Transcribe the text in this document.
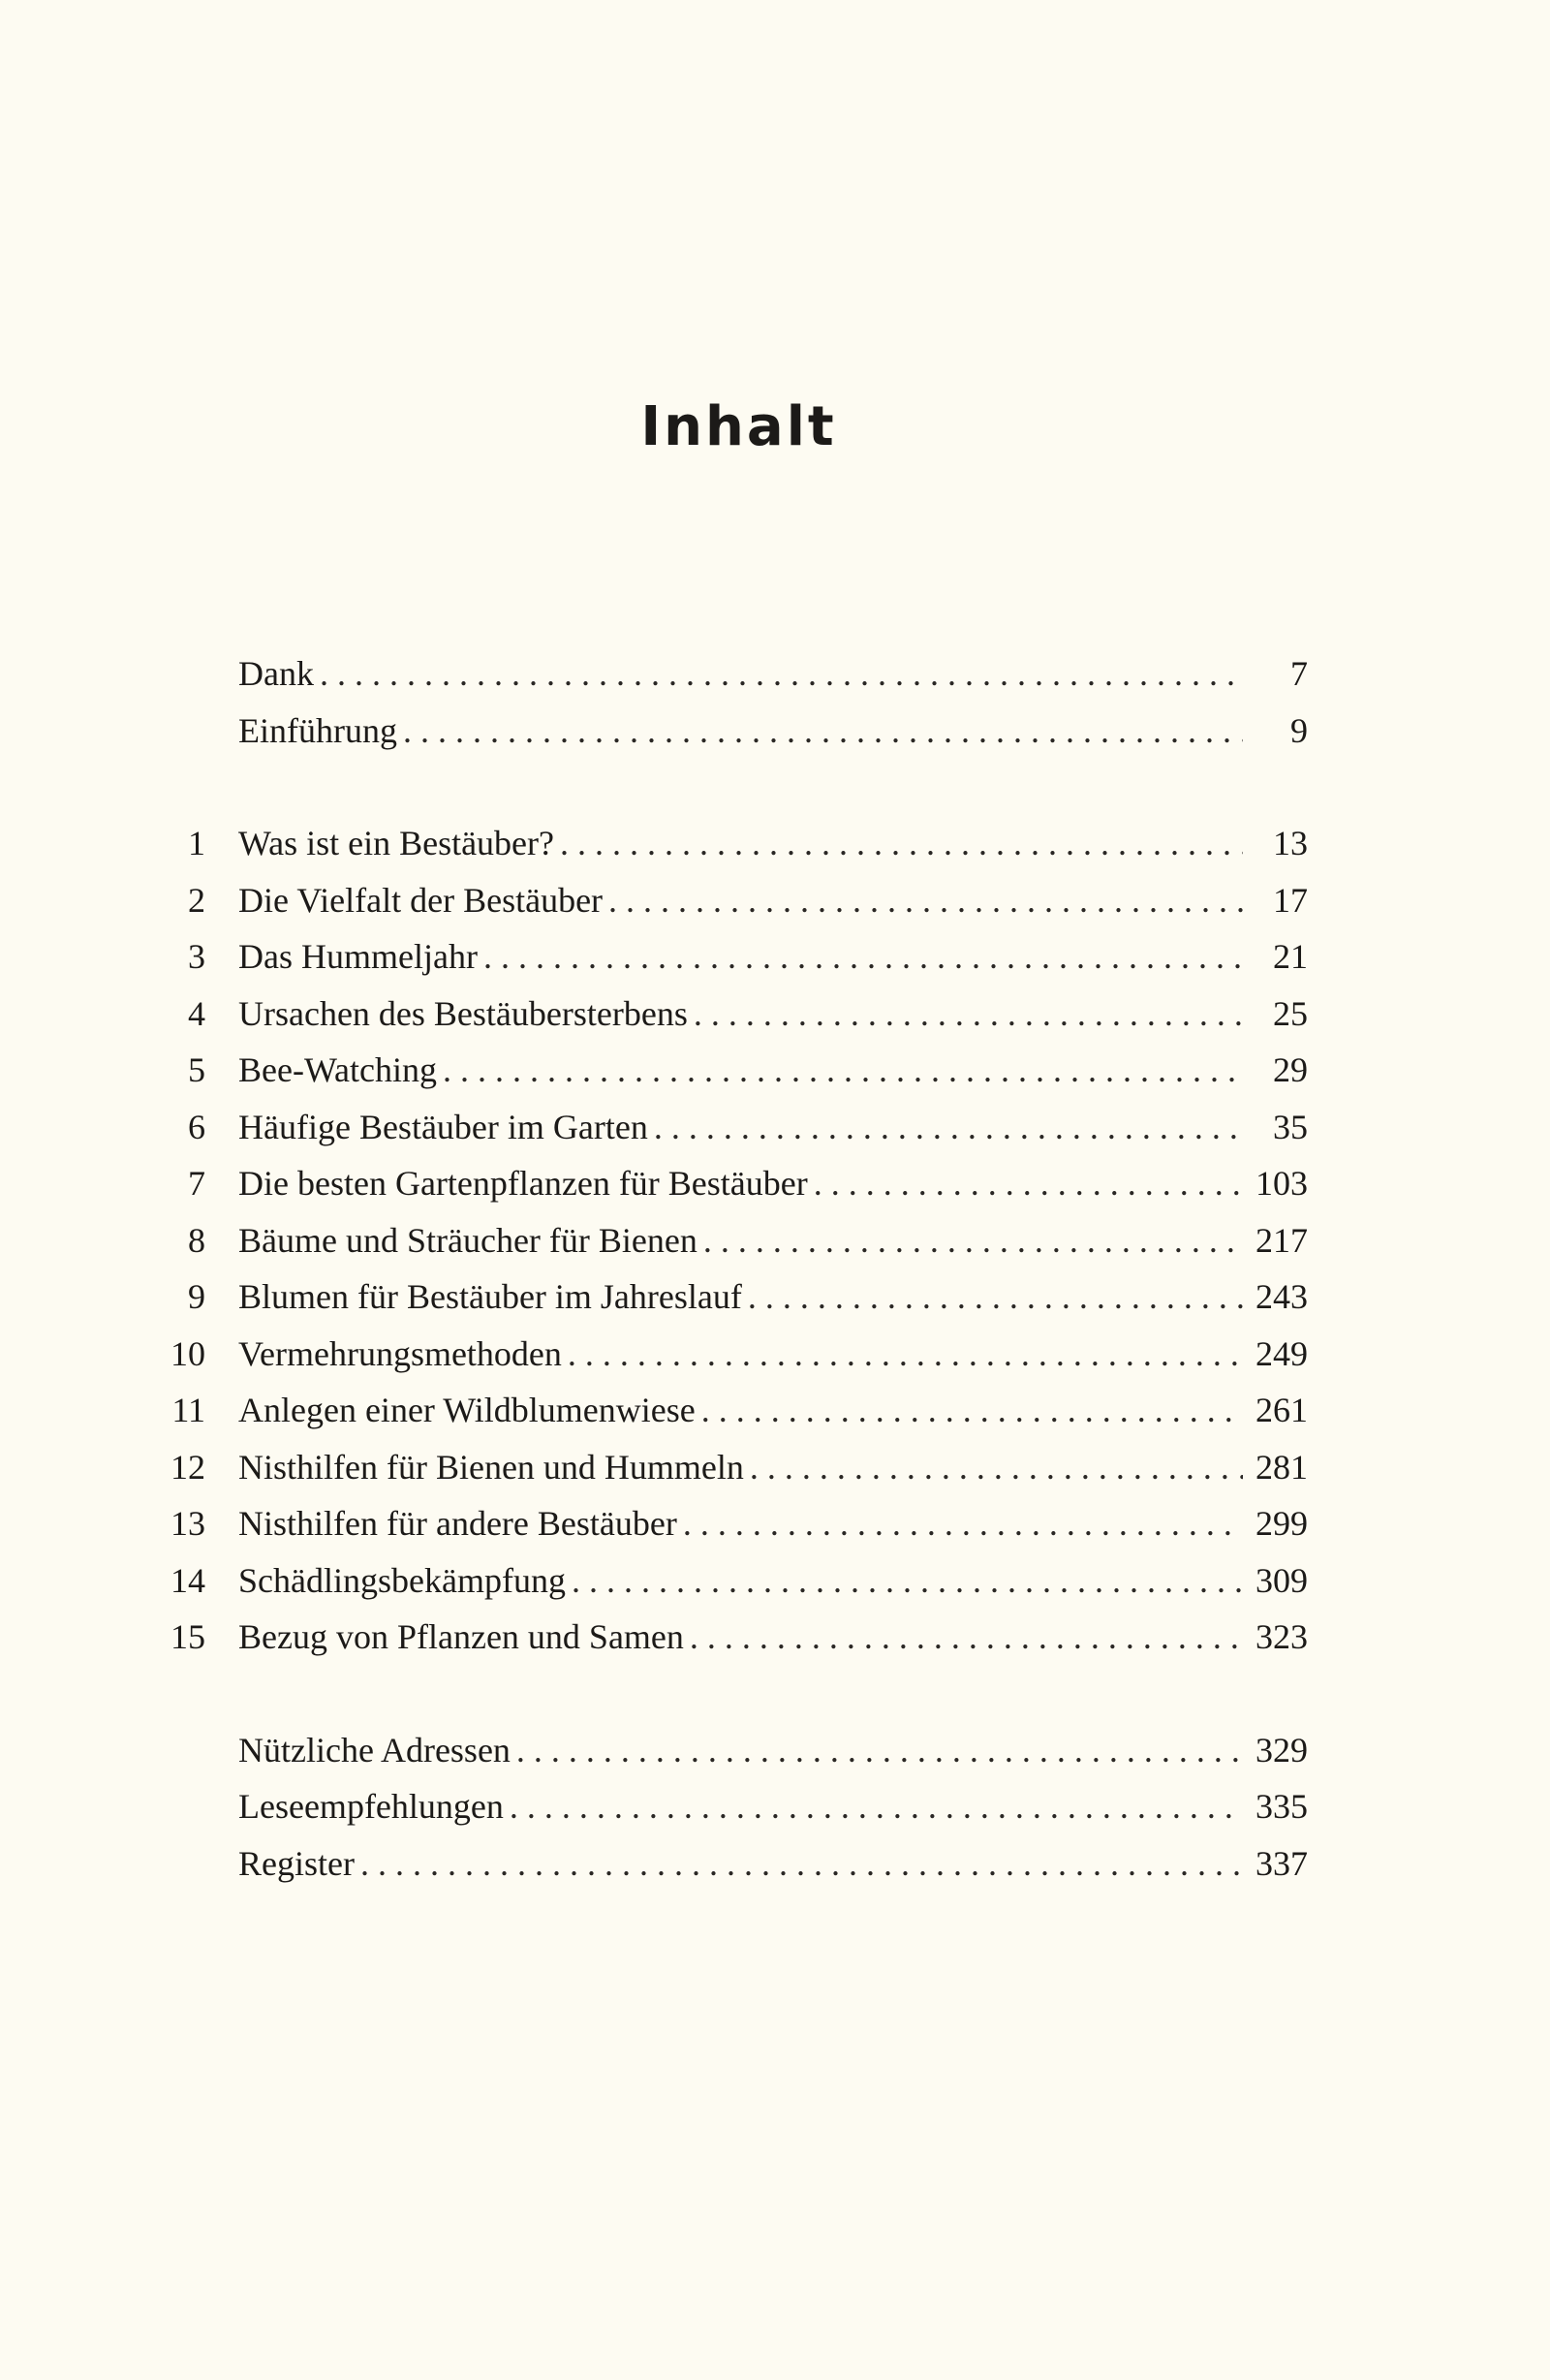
Inhalt
Dank . . .	7
Einführung . . .	9
1 Was ist ein Bestäuber? . . .	13
2 Die Vielfalt der Bestäuber . . .	17
3 Das Hummeljahr . . .	21
4 Ursachen des Bestäubersterbens . . .	25
5 Bee-Watching . . .	29
6 Häufige Bestäuber im Garten . . .	35
7 Die besten Gartenpflanzen für Bestäuber . . .	103
8 Bäume und Sträucher für Bienen . . .	217
9 Blumen für Bestäuber im Jahreslauf . . .	243
10 Vermehrungsmethoden . . .	249
11 Anlegen einer Wildblumenwiese . . .	261
12 Nisthilfen für Bienen und Hummeln . . .	281
13 Nisthilfen für andere Bestäuber . . .	299
14 Schädlingsbekämpfung . . .	309
15 Bezug von Pflanzen und Samen . . .	323
Nützliche Adressen . . .	329
Leseempfehlungen . . .	335
Register . . .	337
